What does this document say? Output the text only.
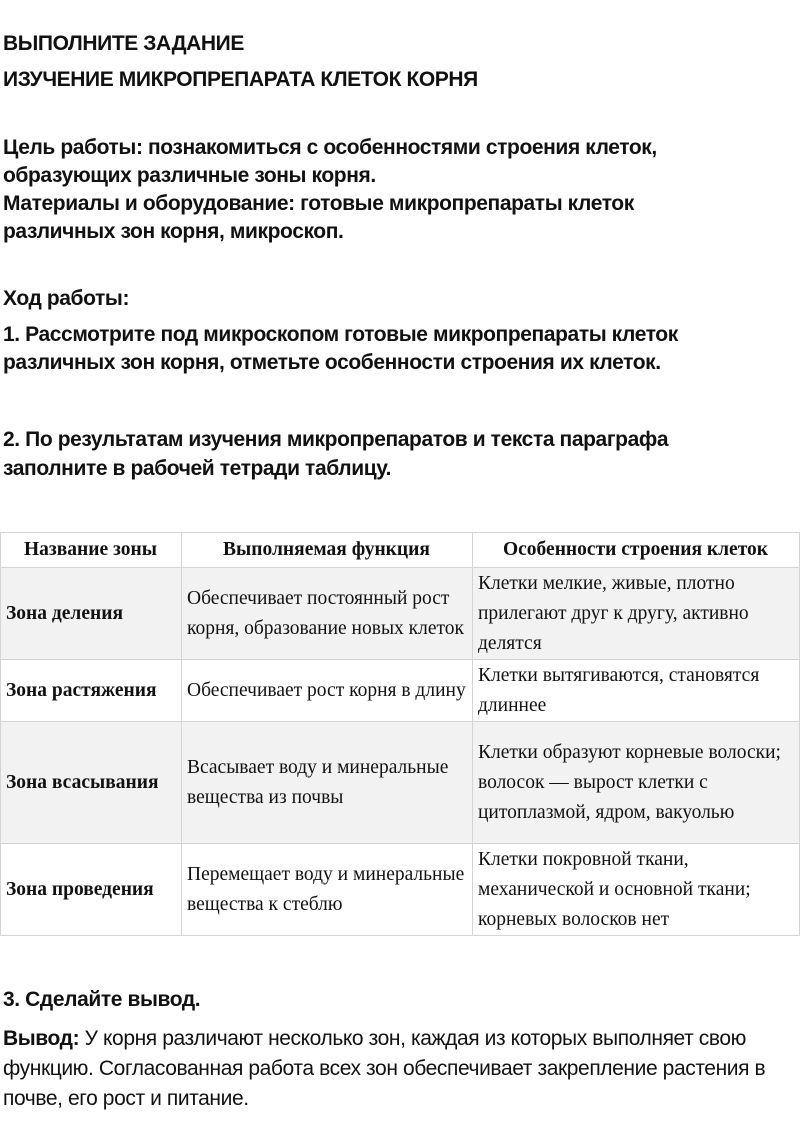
ВЫПОЛНИТЕ ЗАДАНИЕ
ИЗУЧЕНИЕ МИКРОПРЕПАРАТА КЛЕТОК КОРНЯ
Цель работы: познакомиться с особенностями строения клеток,
образующих различные зоны корня.
Материалы и оборудование: готовые микропрепараты клеток
различных зон корня, микроскоп.
Ход работы:
1. Рассмотрите под микроскопом готовые микропрепараты клеток
различных зон корня, отметьте особенности строения их клеток.
2. По результатам изучения микропрепаратов и текста параграфа
заполните в рабочей тетради таблицу.
Название зоны	Выполняемая функция	Особенности строения клеток
Зона деления	Обеспечивает постоянный рост корня, образование новых клеток	Клетки мелкие, живые, плотно прилегают друг к другу, активно делятся
Зона растяжения	Обеспечивает рост корня в длину	Клетки вытягиваются, становятся длиннее
Зона всасывания	Всасывает воду и минеральные вещества из почвы	Клетки образуют корневые волоски; волосок — вырост клетки с цитоплазмой, ядром, вакуолью
Зона проведения	Перемещает воду и минеральные вещества к стеблю	Клетки покровной ткани, механической и основной ткани; корневых волосков нет
3. Сделайте вывод.
Вывод: У корня различают несколько зон, каждая из которых выполняет свою функцию. Согласованная работа всех зон обеспечивает закрепление растения в почве, его рост и питание.
